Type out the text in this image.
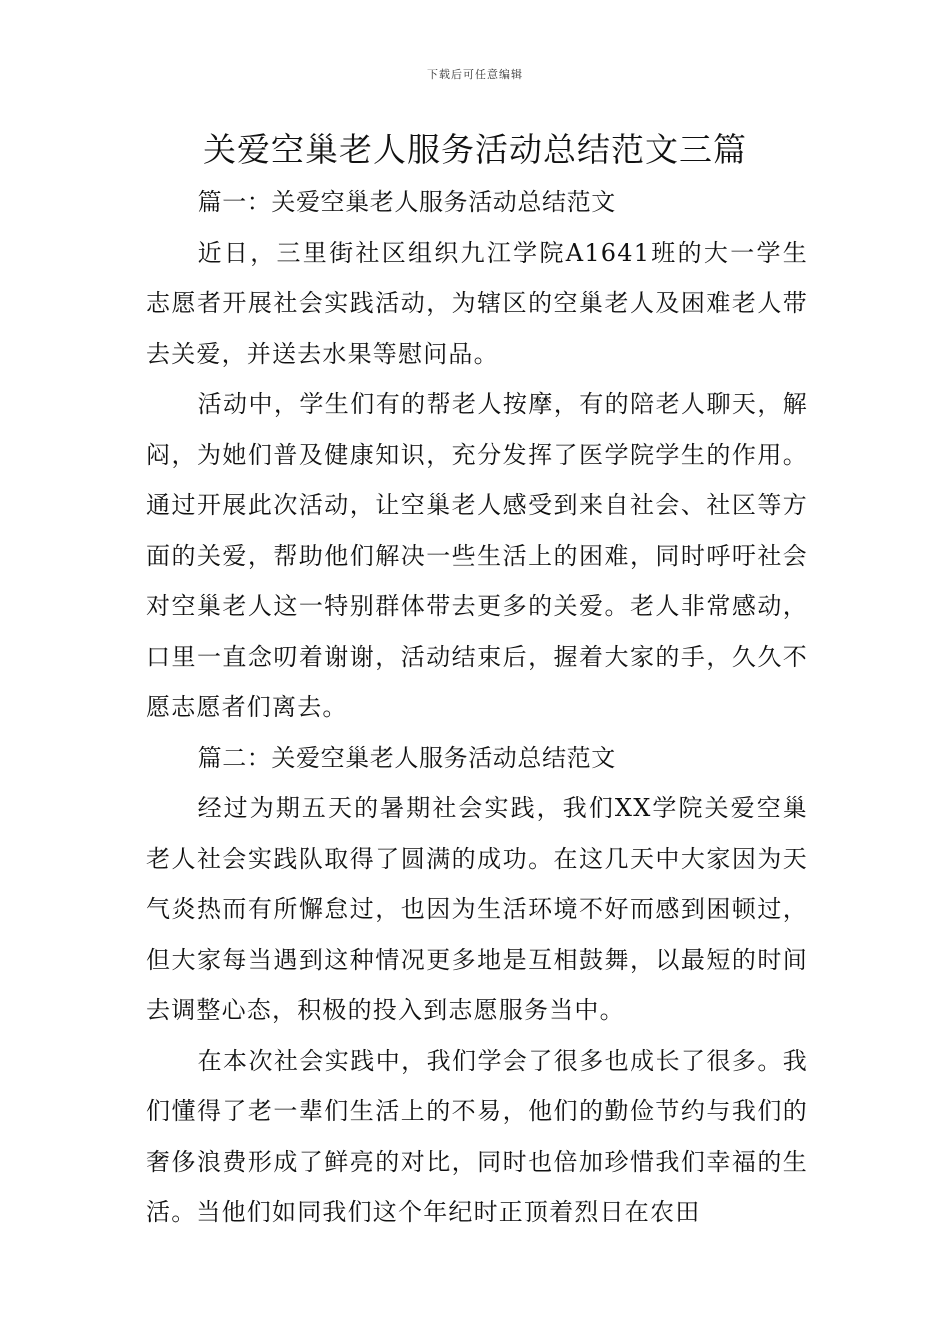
下载后可任意编辑
关爱空巢老人服务活动总结范文三篇

篇一：关爱空巢老人服务活动总结范文

近日，三里街社区组织九江学院A1641班的大一学生志愿者开展社会实践活动，为辖区的空巢老人及困难老人带去关爱，并送去水果等慰问品。

活动中，学生们有的帮老人按摩，有的陪老人聊天，解闷，为她们普及健康知识，充分发挥了医学院学生的作用。通过开展此次活动，让空巢老人感受到来自社会、社区等方面的关爱，帮助他们解决一些生活上的困难，同时呼吁社会对空巢老人这一特别群体带去更多的关爱。老人非常感动，口里一直念叨着谢谢，活动结束后，握着大家的手，久久不愿志愿者们离去。

篇二：关爱空巢老人服务活动总结范文

经过为期五天的暑期社会实践，我们XX学院关爱空巢老人社会实践队取得了圆满的成功。在这几天中大家因为天气炎热而有所懈怠过，也因为生活环境不好而感到困顿过，但大家每当遇到这种情况更多地是互相鼓舞，以最短的时间去调整心态，积极的投入到志愿服务当中。

在本次社会实践中，我们学会了很多也成长了很多。我们懂得了老一辈们生活上的不易，他们的勤俭节约与我们的奢侈浪费形成了鲜亮的对比，同时也倍加珍惜我们幸福的生活。当他们如同我们这个年纪时正顶着烈日在农田
